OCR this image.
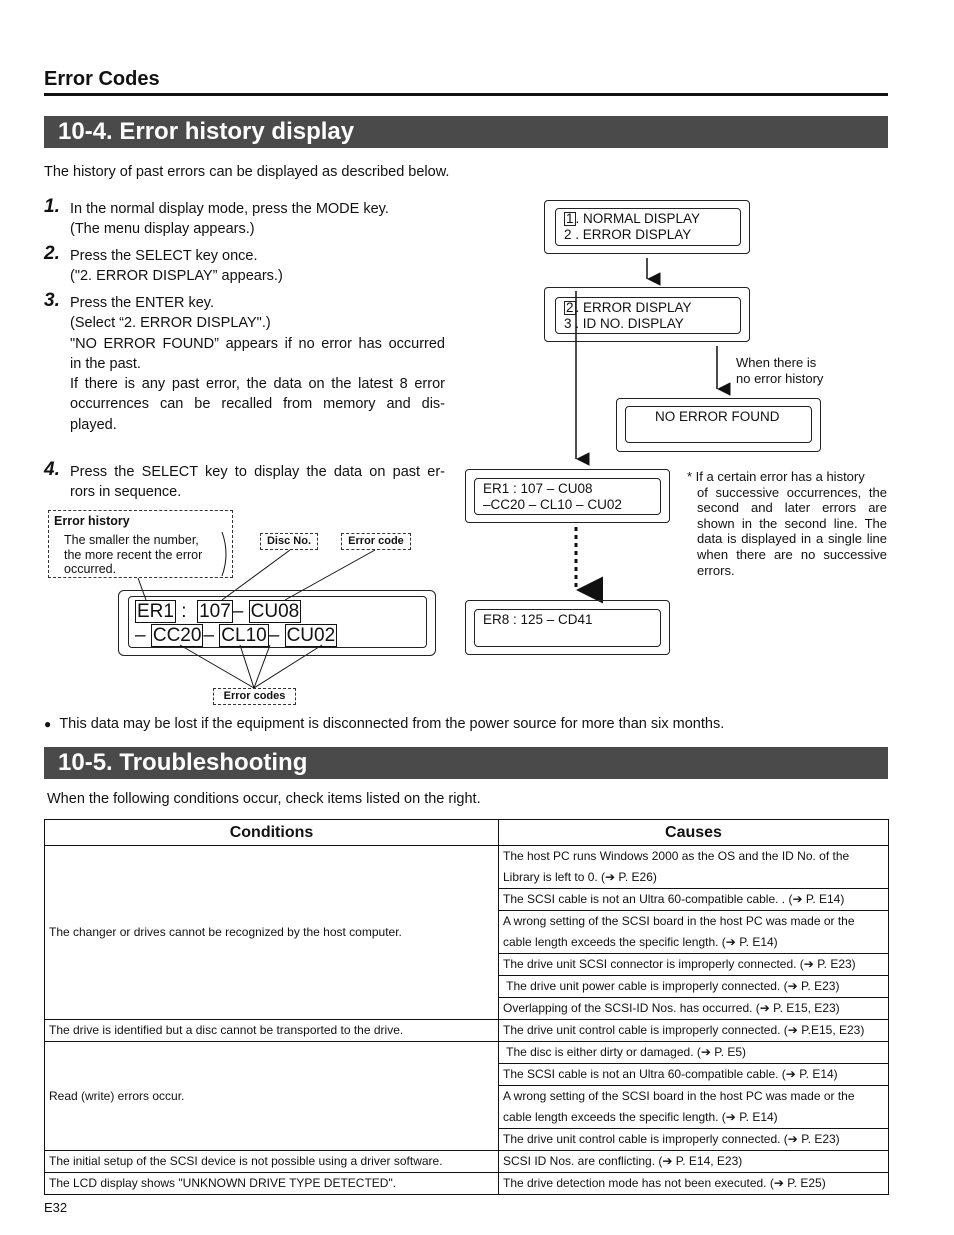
Error Codes
10-4. Error history display
The history of past errors can be displayed as described below.
1. In the normal display mode, press the MODE key.
(The menu display appears.)
2. Press the SELECT key once.
("2. ERROR DISPLAY” appears.)
3. Press the ENTER key.
(Select “2. ERROR DISPLAY".)
"NO ERROR FOUND” appears if no error has occurred
in the past.
If there is any past error, the data on the latest 8 error
occurrences can be recalled from memory and dis-
played.
4. Press the SELECT key to display the data on past er-
rors in sequence.
1 . NORMAL DISPLAY
2 . ERROR DISPLAY
2 . ERROR DISPLAY
3 . ID NO. DISPLAY
When there is
no error history
NO ERROR FOUND
ER1 : 107 – CU08
–CC20 – CL10 – CU02
ER8 : 125 – CD41
* If a certain error has a history
of successive occurrences, the
second and later errors are
shown in the second line. The
data is displayed in a single line
when there are no successive
errors.
Error history
The smaller the number,
the more recent the error
occurred.
Disc No.	Error code
ER1 : 107 – CU08
– CC20 – CL10 – CU02
Error codes
● This data may be lost if the equipment is disconnected from the power source for more than six months.
10-5. Troubleshooting
When the following conditions occur, check items listed on the right.
Conditions	Causes
The changer or drives cannot be recognized by the host computer.	The host PC runs Windows 2000 as the OS and the ID No. of the
Library is left to 0. (➔ P. E26)

	The SCSI cable is not an Ultra 60-compatible cable. . (➔ P. E14)

	A wrong setting of the SCSI board in the host PC was made or the
cable length exceeds the specific length. (➔ P. E14)

	The drive unit SCSI connector is improperly connected. (➔ P. E23)
	The drive unit power cable is improperly connected. (➔ P. E23)
	Overlapping of the SCSI-ID Nos. has occurred. (➔ P. E15, E23)
The drive is identified but a disc cannot be transported to the drive.	The drive unit control cable is improperly connected. (➔ P.E15, E23)
Read (write) errors occur.	The disc is either dirty or damaged. (➔ P. E5)
	The SCSI cable is not an Ultra 60-compatible cable. (➔ P. E14)

	A wrong setting of the SCSI board in the host PC was made or the
cable length exceeds the specific length. (➔ P. E14)

	The drive unit control cable is improperly connected. (➔ P. E23)
The initial setup of the SCSI device is not possible using a driver software.	SCSI ID Nos. are conflicting. (➔ P. E14, E23)
The LCD display shows "UNKNOWN DRIVE TYPE DETECTED".	The drive detection mode has not been executed. (➔ P. E25)
E32
